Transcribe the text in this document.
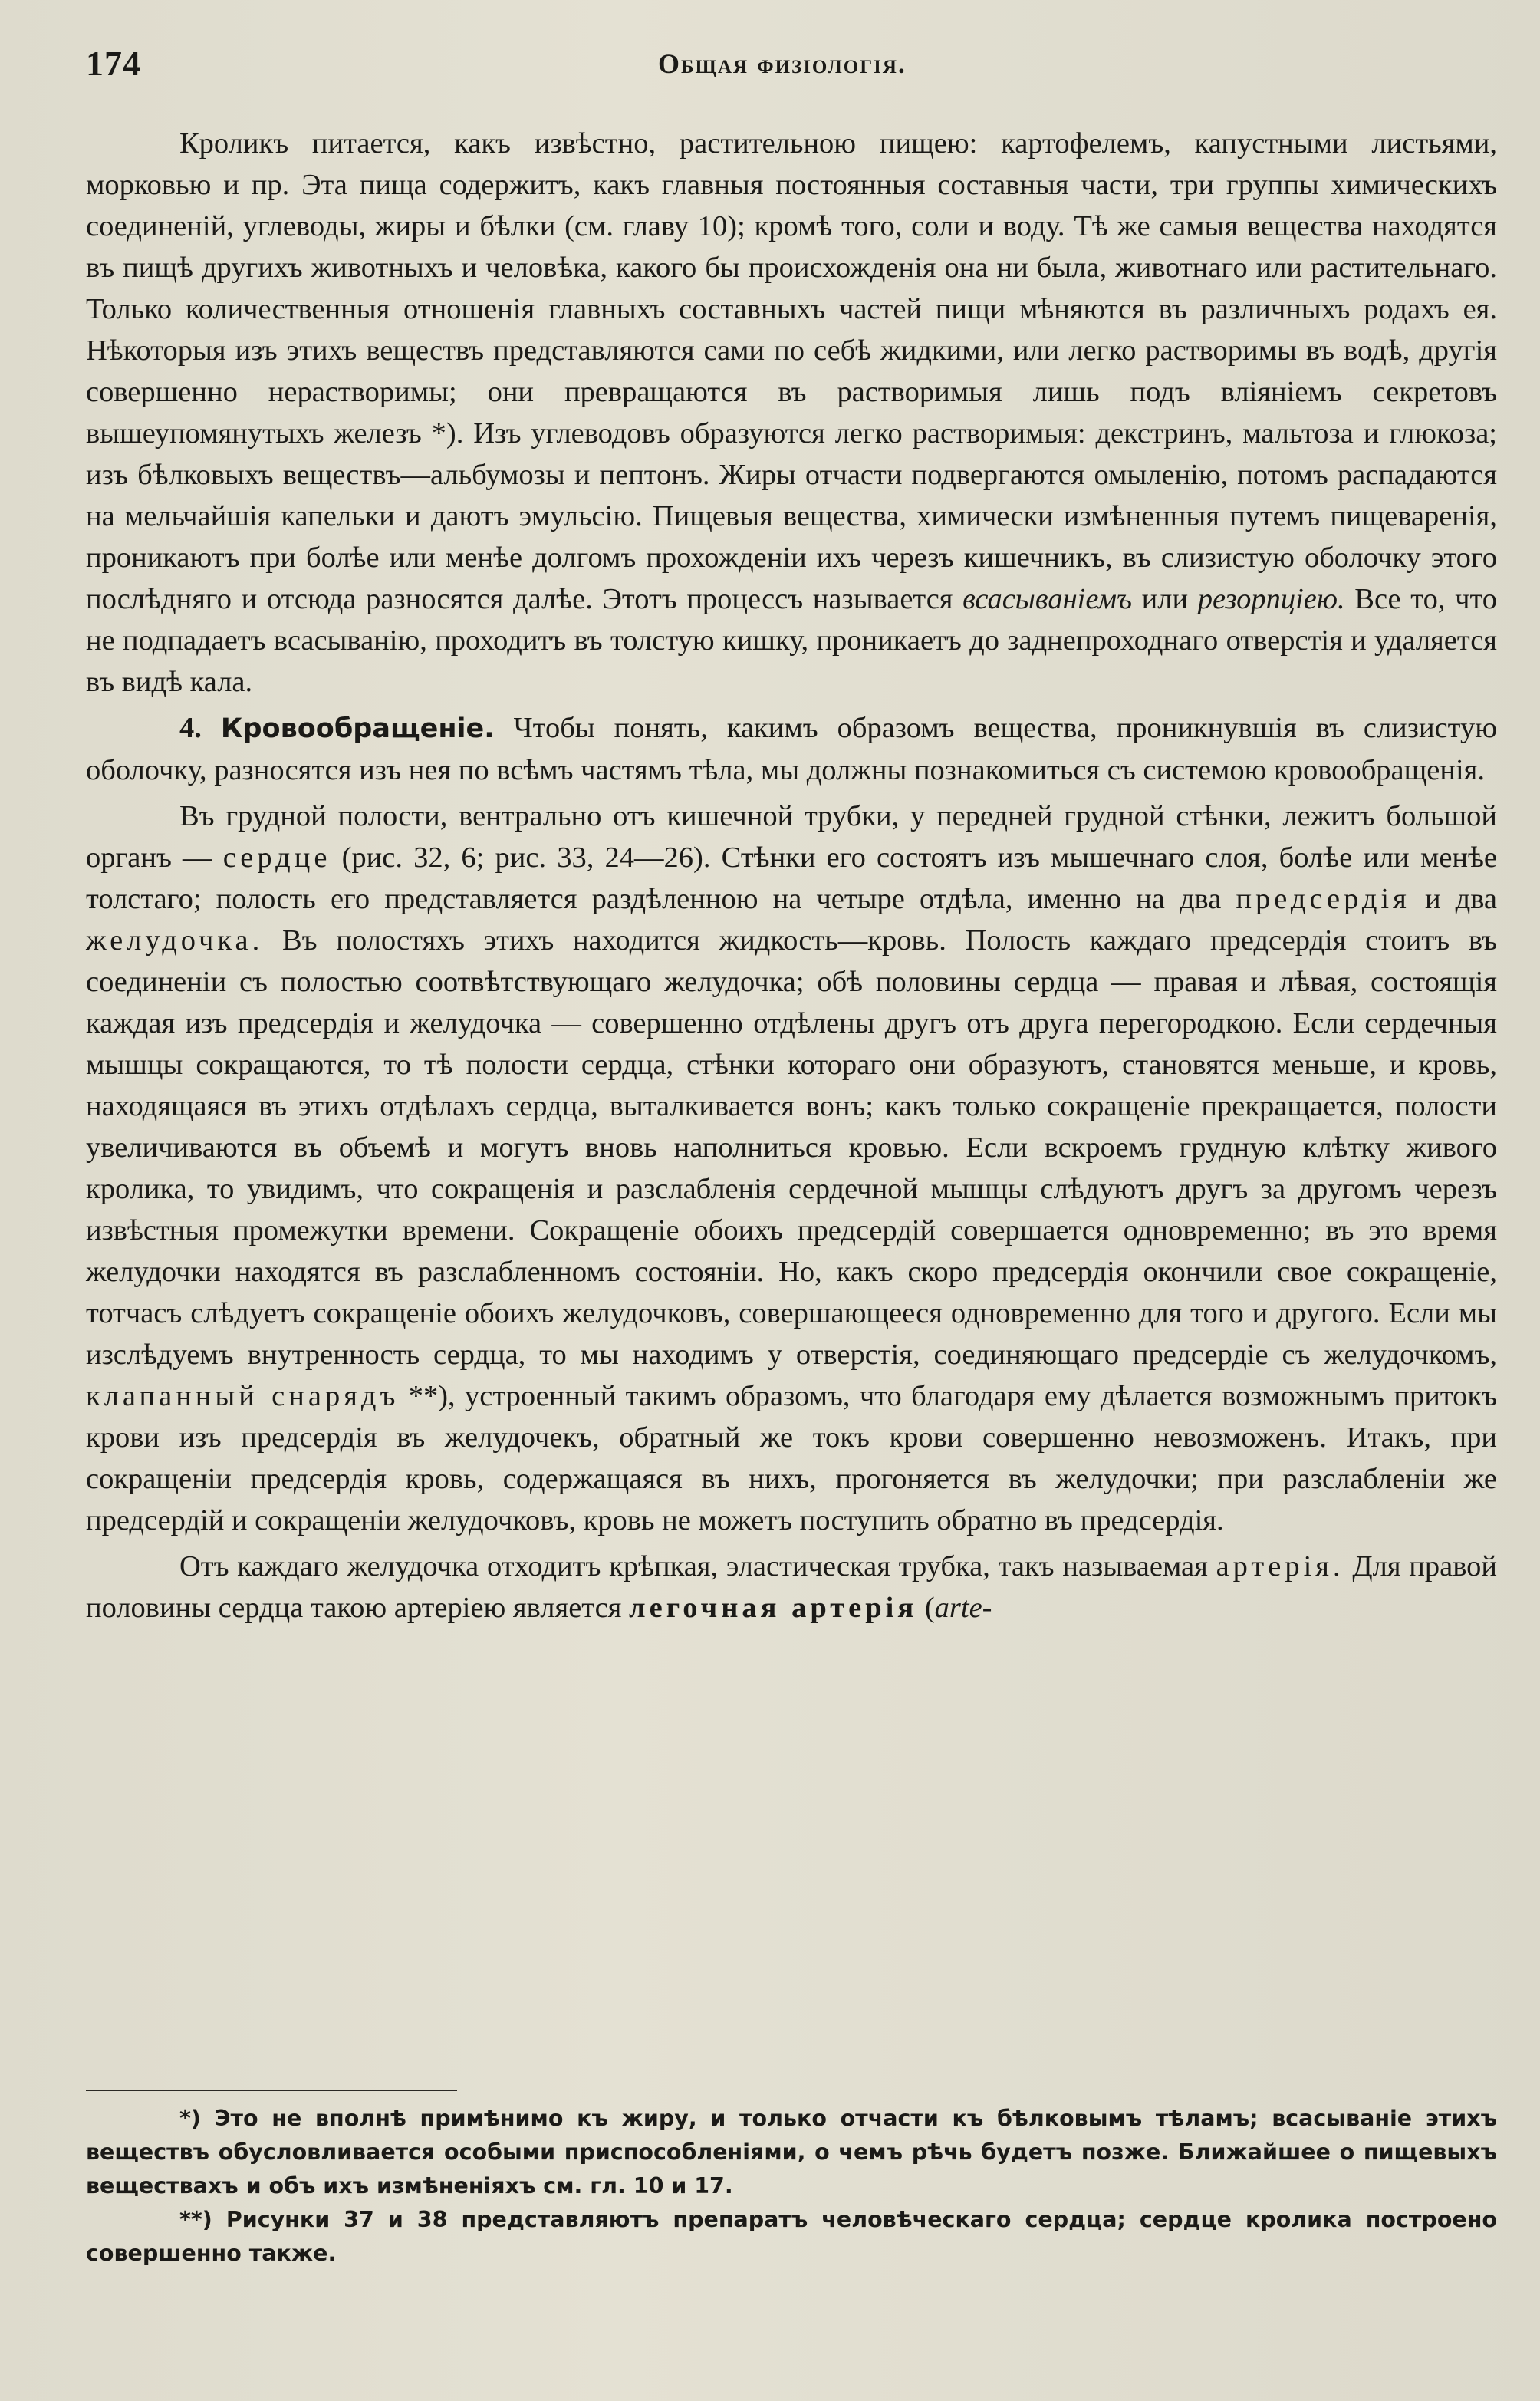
174	Общая физiологiя.

Кроликъ питается, какъ извѣстно, растительною пищею: картофелемъ, капустными листьями, морковью и пр. Эта пища содержитъ, какъ главныя постоянныя составныя части, три группы химическихъ соединенiй, углеводы, жиры и бѣлки (см. главу 10); кромѣ того, соли и воду. Тѣ же самыя вещества находятся въ пищѣ другихъ животныхъ и человѣка, какого бы происхожденiя она ни была, животнаго или растительнаго. Только количественныя отношенiя главныхъ составныхъ частей пищи мѣняются въ различныхъ родахъ ея. Нѣкоторыя изъ этихъ веществъ представляются сами по себѣ жидкими, или легко растворимы въ водѣ, другiя совершенно нерастворимы; они превращаются въ растворимыя лишь подъ влiянiемъ секретовъ вышеупомянутыхъ железъ *). Изъ углеводовъ образуются легко растворимыя: декстринъ, мальтоза и глюкоза; изъ бѣлковыхъ веществъ—альбумозы и пептонъ. Жиры отчасти подвергаются омыленiю, потомъ распадаются на мельчайшiя капельки и даютъ эмульсiю. Пищевыя вещества, химически измѣненныя путемъ пищеваренiя, проникаютъ при болѣе или менѣе долгомъ прохожденiи ихъ черезъ кишечникъ, въ слизистую оболочку этого послѣдняго и отсюда разносятся далѣе. Этотъ процессъ называется всасыванiемъ или резорпцiею. Все то, что не подпадаетъ всасыванiю, проходитъ въ толстую кишку, проникаетъ до заднепроходнаго отверстiя и удаляется въ видѣ кала.

4. Кровообращенiе. Чтобы понять, какимъ образомъ вещества, проникнувшiя въ слизистую оболочку, разносятся изъ нея по всѣмъ частямъ тѣла, мы должны познакомиться съ системою кровообращенiя.

Въ грудной полости, вентрально отъ кишечной трубки, у передней грудной стѣнки, лежитъ большой органъ — сердце (рис. 32, 6; рис. 33, 24—26). Стѣнки его состоятъ изъ мышечнаго слоя, болѣе или менѣе толстаго; полость его представляется раздѣленною на четыре отдѣла, именно на два предсердiя и два желудочка. Въ полостяхъ этихъ находится жидкость—кровь. Полость каждаго предсердiя стоитъ въ соединенiи съ полостью соотвѣтствующаго желудочка; обѣ половины сердца — правая и лѣвая, состоящiя каждая изъ предсердiя и желудочка — совершенно отдѣлены другъ отъ друга перегородкою. Если сердечныя мышцы сокращаются, то тѣ полости сердца, стѣнки котораго они образуютъ, становятся меньше, и кровь, находящаяся въ этихъ отдѣлахъ сердца, выталкивается вонъ; какъ только сокращенiе прекращается, полости увеличиваются въ объемѣ и могутъ вновь наполниться кровью. Если вскроемъ грудную клѣтку живого кролика, то увидимъ, что сокращенiя и разслабленiя сердечной мышцы слѣдуютъ другъ за другомъ черезъ извѣстныя промежутки времени. Сокращенiе обоихъ предсердiй совершается одновременно; въ это время желудочки находятся въ разслабленномъ состоянiи. Но, какъ скоро предсердiя окончили свое сокращенiе, тотчасъ слѣдуетъ сокращенiе обоихъ желудочковъ, совершающееся одновременно для того и другого. Если мы изслѣдуемъ внутренность сердца, то мы находимъ у отверстiя, соединяющаго предсердiе съ желудочкомъ, клапанный снарядъ **), устроенный такимъ образомъ, что благодаря ему дѣлается возможнымъ притокъ крови изъ предсердiя въ желудочекъ, обратный же токъ крови совершенно невозможенъ. Итакъ, при сокращенiи предсердiя кровь, содержащаяся въ нихъ, прогоняется въ желудочки; при разслабленiи же предсердiй и сокращенiи желудочковъ, кровь не можетъ поступить обратно въ предсердiя.

Отъ каждаго желудочка отходитъ крѣпкая, эластическая трубка, такъ называемая артерiя. Для правой половины сердца такою артерiею является легочная артерiя (arte-

*) Это не вполнѣ примѣнимо къ жиру, и только отчасти къ бѣлковымъ тѣламъ; всасыванiе этихъ веществъ обусловливается особыми приспособленiями, о чемъ рѣчь будетъ позже. Ближайшее о пищевыхъ веществахъ и объ ихъ измѣненiяхъ см. гл. 10 и 17.

**) Рисунки 37 и 38 представляютъ препаратъ человѣческаго сердца; сердце кролика построено совершенно также.
